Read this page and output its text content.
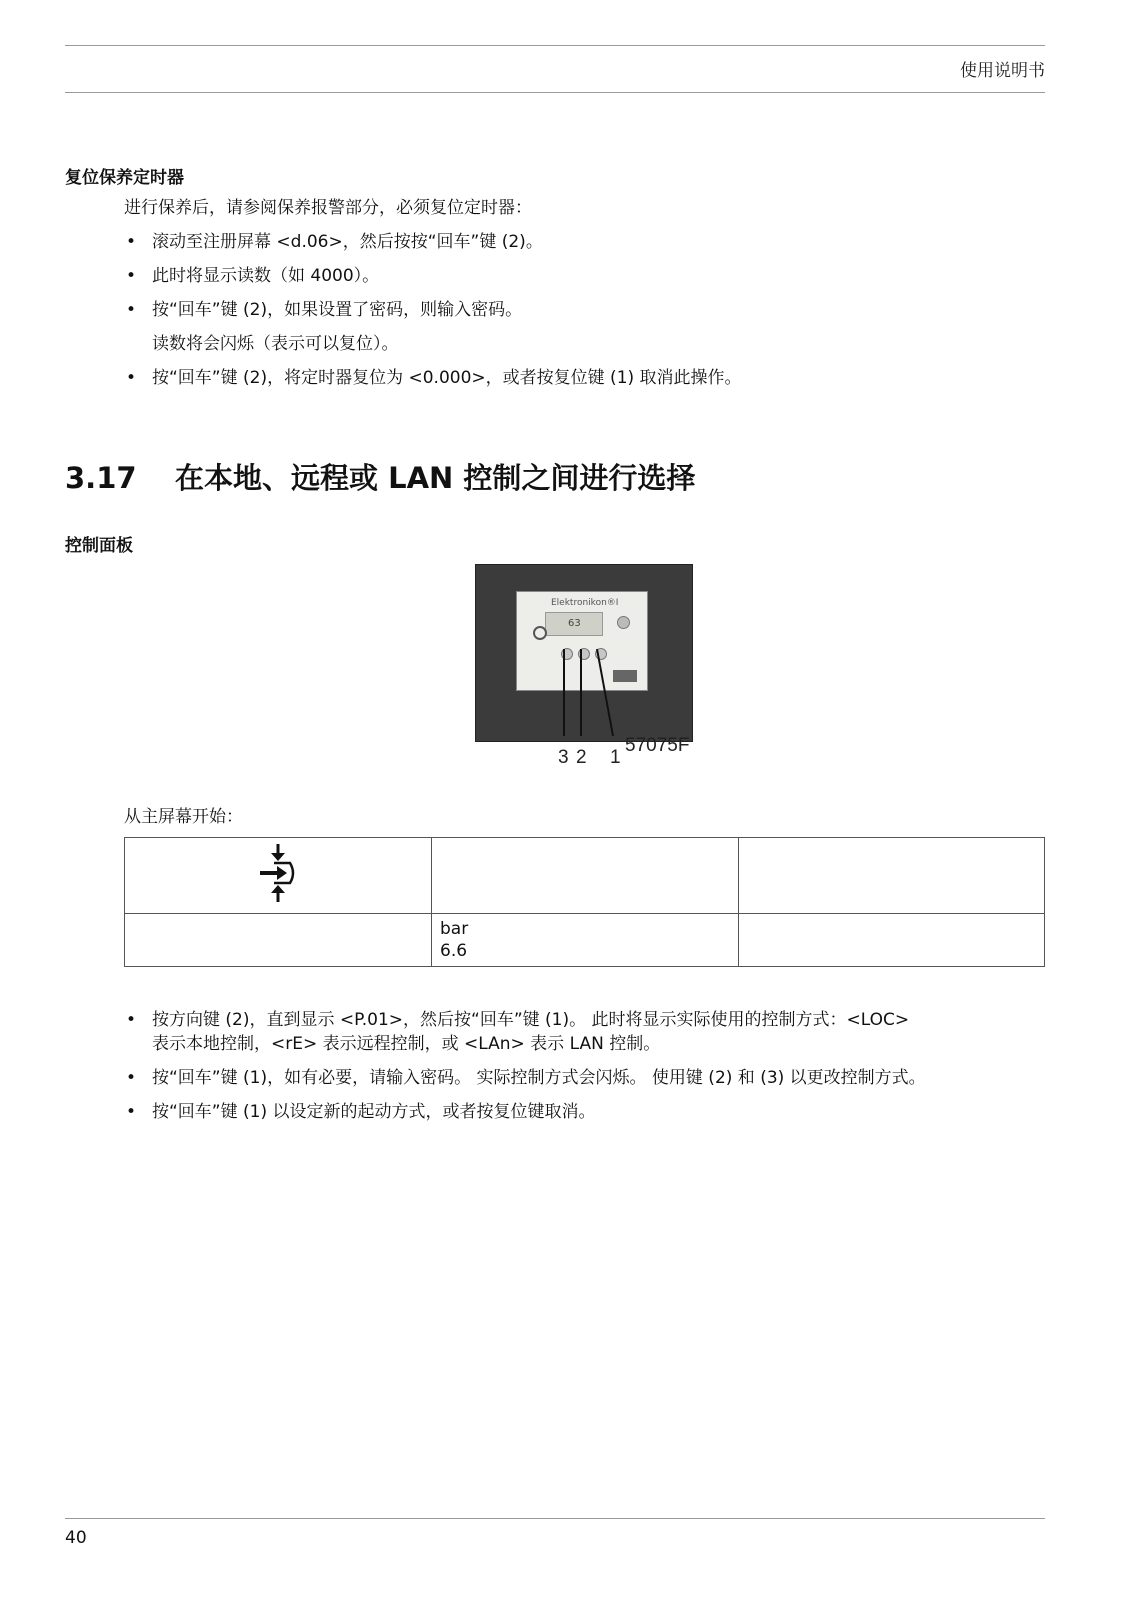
使用说明书
复位保养定时器
进行保养后，请参阅保养报警部分，必须复位定时器：
• 滚动至注册屏幕 <d.06>，然后按按“回车”键 (2)。
• 此时将显示读数（如 4000）。
• 按“回车”键 (2)，如果设置了密码，则输入密码。
读数将会闪烁（表示可以复位）。
• 按“回车”键 (2)，将定时器复位为 <0.000>，或者按复位键 (1) 取消此操作。
3.17 在本地、远程或 LAN 控制之间进行选择
控制面板
Elektronikon®I
63
3 2 1
57075F
从主屏幕开始：

	bar
6.6	

• 按方向键 (2)，直到显示 <P.01>，然后按“回车”键 (1)。 此时将显示实际使用的控制方式：<LOC>
表示本地控制，<rE> 表示远程控制，或 <LAn> 表示 LAN 控制。
• 按“回车”键 (1)，如有必要，请输入密码。 实际控制方式会闪烁。 使用键 (2) 和 (3) 以更改控制方式。
• 按“回车”键 (1) 以设定新的起动方式，或者按复位键取消。
40
